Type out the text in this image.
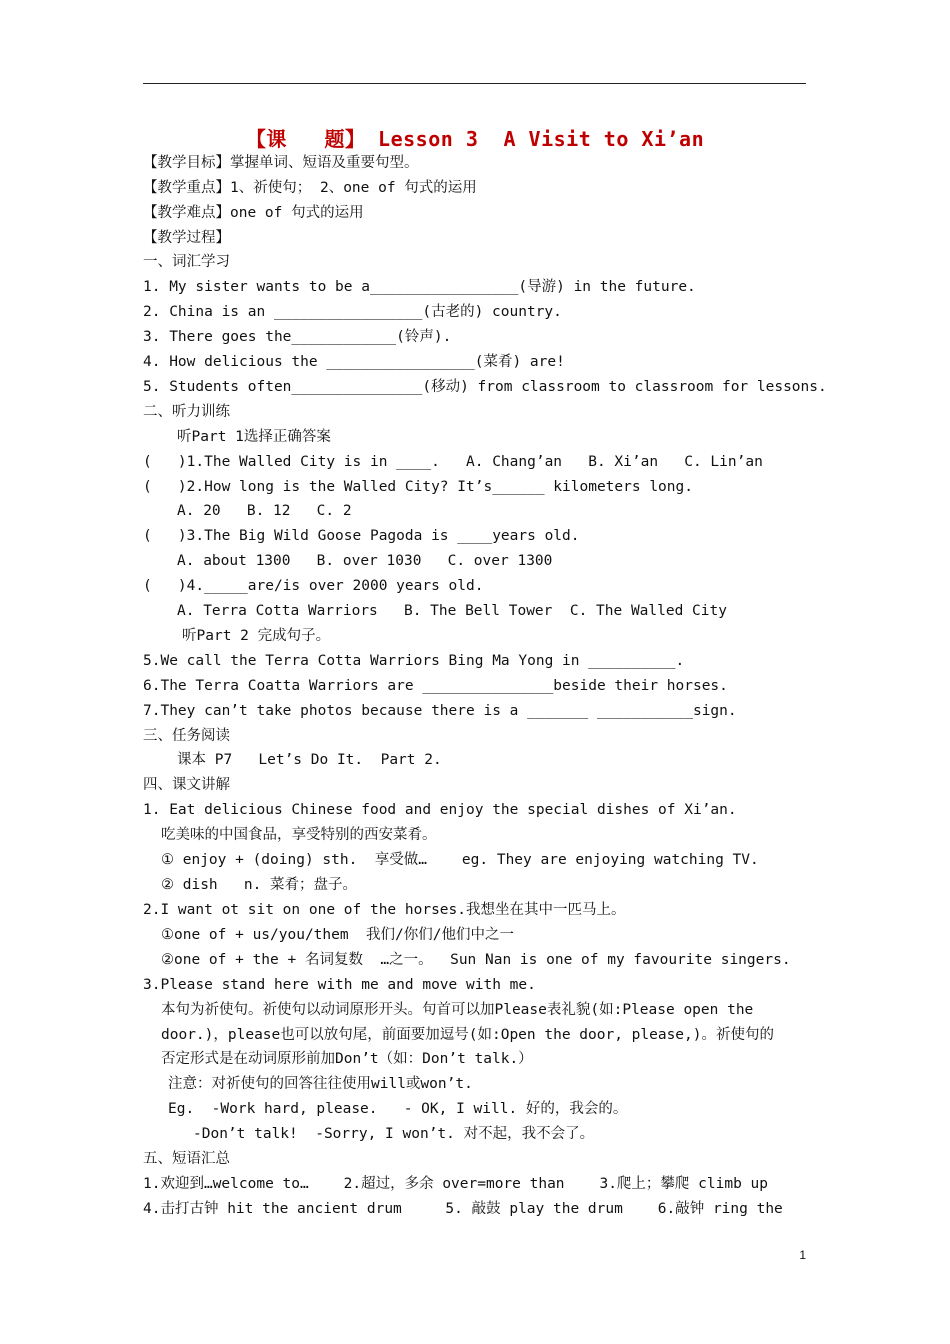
【课   题】 Lesson 3  A Visit to Xi’an
【教学目标】掌握单词、短语及重要句型。
【教学重点】1、祈使句； 2、one of 句式的运用
【教学难点】one of 句式的运用
【教学过程】
一、词汇学习
1. My sister wants to be a_________________(导游) in the future.
2. China is an _________________(古老的) country.
3. There goes the____________(铃声).
4. How delicious the _________________(菜肴) are!
5. Students often_______________(移动) from classroom to classroom for lessons.
二、听力训练
听Part 1选择正确答案
(   )1.The Walled City is in ____.   A. Chang’an   B. Xi’an   C. Lin’an
(   )2.How long is the Walled City? It’s______ kilometers long.
A. 20   B. 12   C. 2
(   )3.The Big Wild Goose Pagoda is ____years old.
A. about 1300   B. over 1030   C. over 1300
(   )4._____are/is over 2000 years old.
A. Terra Cotta Warriors   B. The Bell Tower  C. The Walled City
听Part 2 完成句子。
5.We call the Terra Cotta Warriors Bing Ma Yong in __________.
6.The Terra Coatta Warriors are _______________beside their horses.
7.They can’t take photos because there is a _______ ___________sign.
三、任务阅读
课本 P7   Let’s Do It.  Part 2.
四、课文讲解
1. Eat delicious Chinese food and enjoy the special dishes of Xi’an.
吃美味的中国食品，享受特别的西安菜肴。
① enjoy + (doing) sth.  享受做…    eg. They are enjoying watching TV.
② dish   n. 菜肴；盘子。
2.I want ot sit on one of the horses.我想坐在其中一匹马上。
①one of + us/you/them  我们/你们/他们中之一
②one of + the + 名词复数  …之一。  Sun Nan is one of my favourite singers.
3.Please stand here with me and move with me.
本句为祈使句。祈使句以动词原形开头。句首可以加Please表礼貌(如:Please open the
door.)，please也可以放句尾，前面要加逗号(如:Open the door, please,)。祈使句的
否定形式是在动词原形前加Don’t（如：Don’t talk.）
注意：对祈使句的回答往往使用will或won’t.
Eg.  -Work hard, please.   - OK, I will. 好的，我会的。
-Don’t talk!  -Sorry, I won’t. 对不起，我不会了。
五、短语汇总
1.欢迎到…welcome to…    2.超过，多余 over=more than    3.爬上；攀爬 climb up
4.击打古钟 hit the ancient drum     5. 敲鼓 play the drum    6.敲钟 ring the
1
